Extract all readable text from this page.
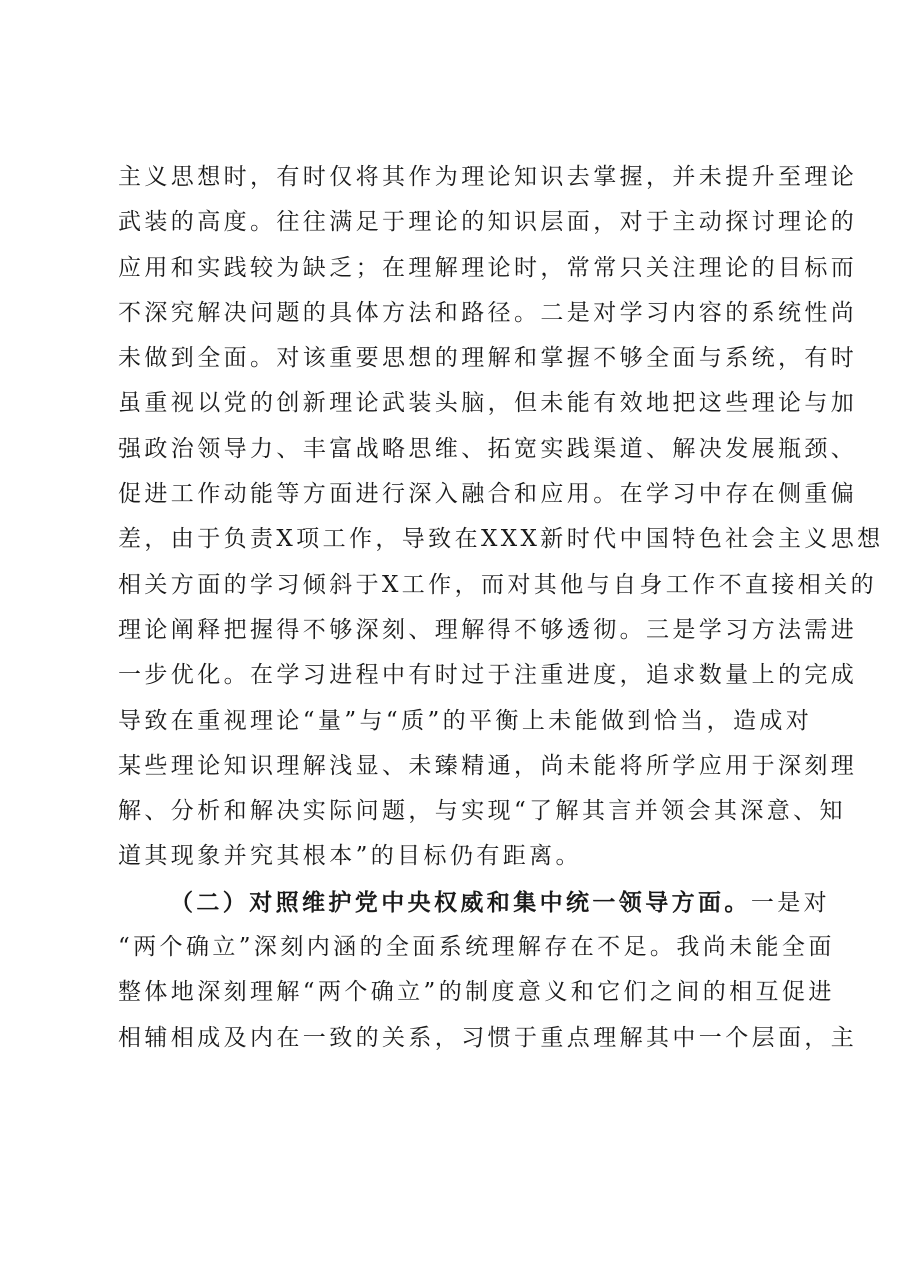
主义思想时，有时仅将其作为理论知识去掌握，并未提升至理论
武装的高度。往往满足于理论的知识层面，对于主动探讨理论的
应用和实践较为缺乏；在理解理论时，常常只关注理论的目标而
不深究解决问题的具体方法和路径。二是对学习内容的系统性尚
未做到全面。对该重要思想的理解和掌握不够全面与系统，有时
虽重视以党的创新理论武装头脑，但未能有效地把这些理论与加
强政治领导力、丰富战略思维、拓宽实践渠道、解决发展瓶颈、
促进工作动能等方面进行深入融合和应用。在学习中存在侧重偏
差，由于负责X项工作，导致在XXX新时代中国特色社会主义思想
相关方面的学习倾斜于X工作，而对其他与自身工作不直接相关的
理论阐释把握得不够深刻、理解得不够透彻。三是学习方法需进
一步优化。在学习进程中有时过于注重进度，追求数量上的完成
导致在重视理论“量”与“质”的平衡上未能做到恰当，造成对
某些理论知识理解浅显、未臻精通，尚未能将所学应用于深刻理
解、分析和解决实际问题，与实现“了解其言并领会其深意、知
道其现象并究其根本”的目标仍有距离。
（二）对照维护党中央权威和集中统一领导方面。一是对
“两个确立”深刻内涵的全面系统理解存在不足。我尚未能全面
整体地深刻理解“两个确立”的制度意义和它们之间的相互促进
相辅相成及内在一致的关系，习惯于重点理解其中一个层面，主
